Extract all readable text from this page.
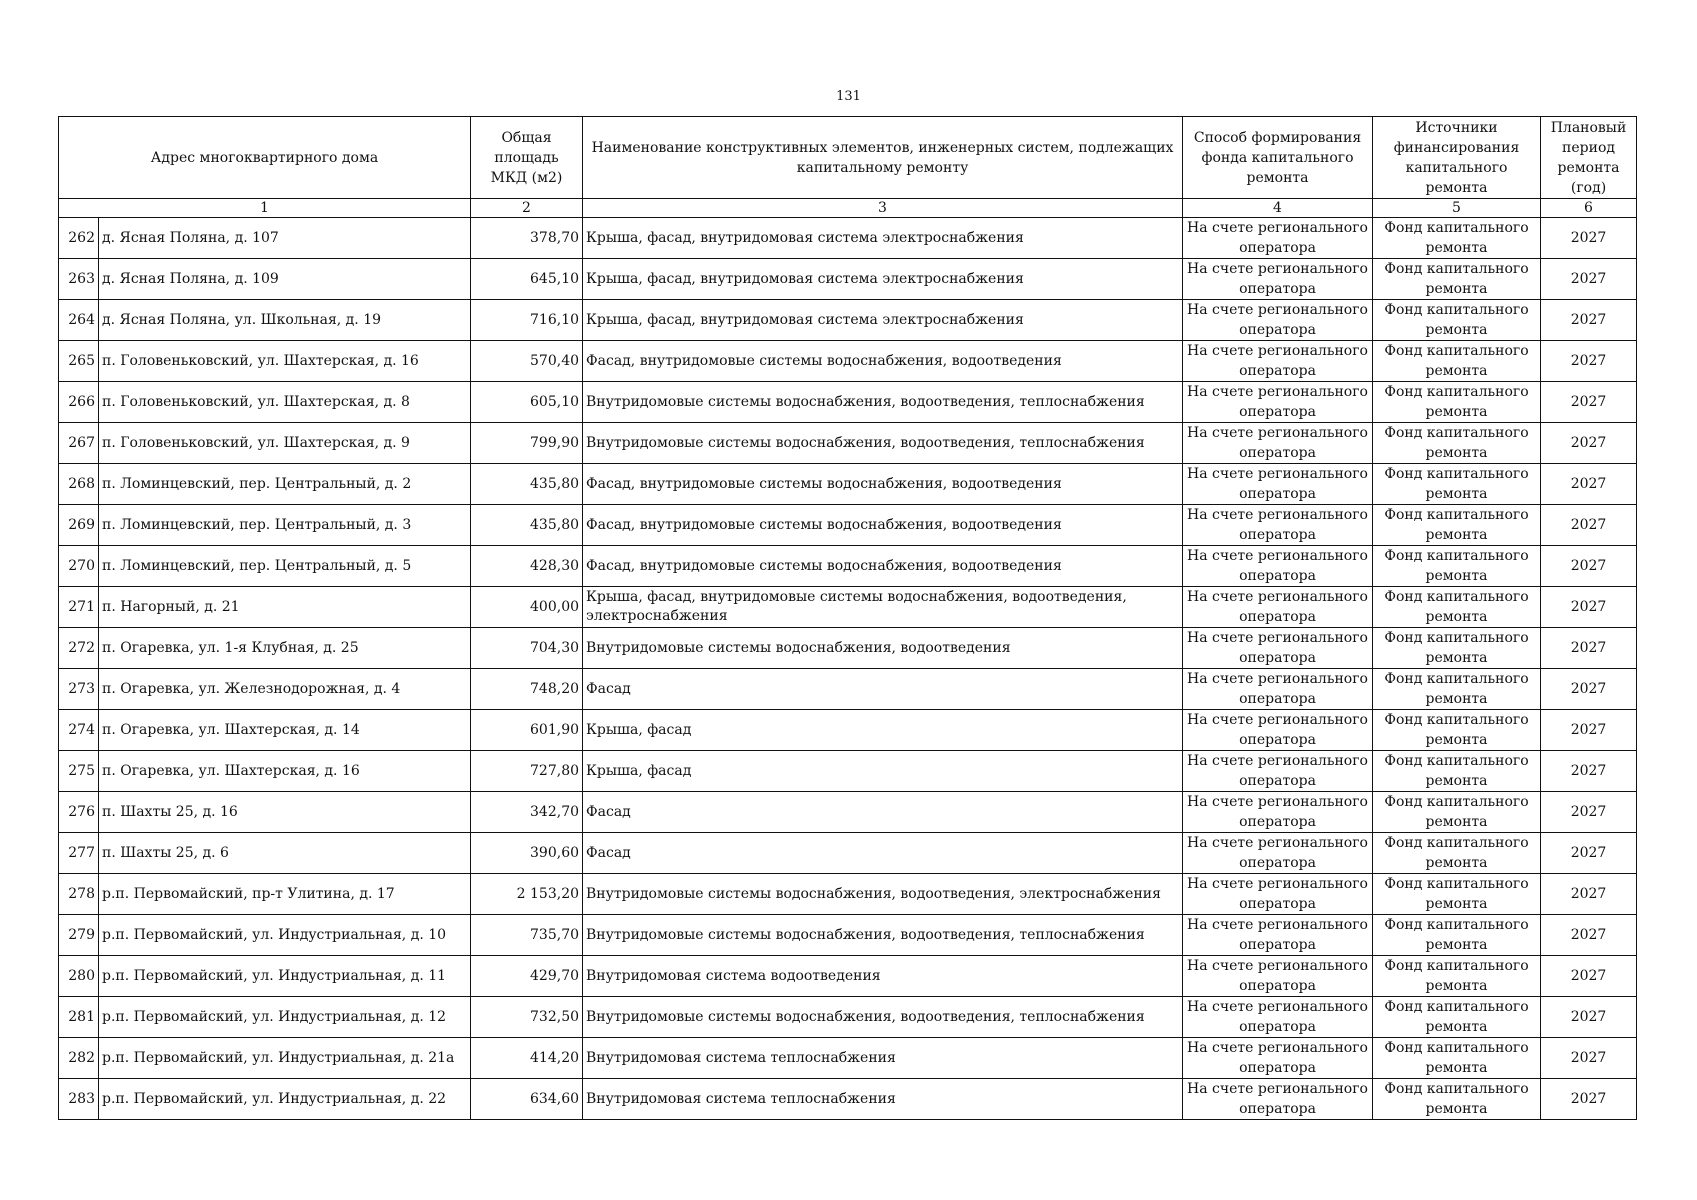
131
Адрес многоквартирного дома		Общая площадь МКД (м2)	Наименование конструктивных элементов, инженерных систем, подлежащих капитальному ремонту	Способ формирования фонда капитального ремонта	Источники финансирования капитального ремонта	Плановый период ремонта (год)
1		2	3	4	5	6
262	д. Ясная Поляна, д. 107	378,70	Крыша, фасад, внутридомовая система электроснабжения	На счете регионального оператора	Фонд капитального ремонта	2027
263	д. Ясная Поляна, д. 109	645,10	Крыша, фасад, внутридомовая система электроснабжения	На счете регионального оператора	Фонд капитального ремонта	2027
264	д. Ясная Поляна, ул. Школьная, д. 19	716,10	Крыша, фасад, внутридомовая система электроснабжения	На счете регионального оператора	Фонд капитального ремонта	2027
265	п. Головеньковский, ул. Шахтерская, д. 16	570,40	Фасад, внутридомовые системы водоснабжения, водоотведения	На счете регионального оператора	Фонд капитального ремонта	2027
266	п. Головеньковский, ул. Шахтерская, д. 8	605,10	Внутридомовые системы водоснабжения, водоотведения, теплоснабжения	На счете регионального оператора	Фонд капитального ремонта	2027
267	п. Головеньковский, ул. Шахтерская, д. 9	799,90	Внутридомовые системы водоснабжения, водоотведения, теплоснабжения	На счете регионального оператора	Фонд капитального ремонта	2027
268	п. Ломинцевский, пер. Центральный, д. 2	435,80	Фасад, внутридомовые системы водоснабжения, водоотведения	На счете регионального оператора	Фонд капитального ремонта	2027
269	п. Ломинцевский, пер. Центральный, д. 3	435,80	Фасад, внутридомовые системы водоснабжения, водоотведения	На счете регионального оператора	Фонд капитального ремонта	2027
270	п. Ломинцевский, пер. Центральный, д. 5	428,30	Фасад, внутридомовые системы водоснабжения, водоотведения	На счете регионального оператора	Фонд капитального ремонта	2027
271	п. Нагорный, д. 21	400,00	Крыша, фасад, внутридомовые системы водоснабжения, водоотведения, электроснабжения	На счете регионального оператора	Фонд капитального ремонта	2027
272	п. Огаревка, ул. 1-я Клубная, д. 25	704,30	Внутридомовые системы водоснабжения, водоотведения	На счете регионального оператора	Фонд капитального ремонта	2027
273	п. Огаревка, ул. Железнодорожная, д. 4	748,20	Фасад	На счете регионального оператора	Фонд капитального ремонта	2027
274	п. Огаревка, ул. Шахтерская, д. 14	601,90	Крыша, фасад	На счете регионального оператора	Фонд капитального ремонта	2027
275	п. Огаревка, ул. Шахтерская, д. 16	727,80	Крыша, фасад	На счете регионального оператора	Фонд капитального ремонта	2027
276	п. Шахты 25, д. 16	342,70	Фасад	На счете регионального оператора	Фонд капитального ремонта	2027
277	п. Шахты 25, д. 6	390,60	Фасад	На счете регионального оператора	Фонд капитального ремонта	2027
278	р.п. Первомайский, пр-т Улитина, д. 17	2 153,20	Внутридомовые системы водоснабжения, водоотведения, электроснабжения	На счете регионального оператора	Фонд капитального ремонта	2027
279	р.п. Первомайский, ул. Индустриальная, д. 10	735,70	Внутридомовые системы водоснабжения, водоотведения, теплоснабжения	На счете регионального оператора	Фонд капитального ремонта	2027
280	р.п. Первомайский, ул. Индустриальная, д. 11	429,70	Внутридомовая система водоотведения	На счете регионального оператора	Фонд капитального ремонта	2027
281	р.п. Первомайский, ул. Индустриальная, д. 12	732,50	Внутридомовые системы водоснабжения, водоотведения, теплоснабжения	На счете регионального оператора	Фонд капитального ремонта	2027
282	р.п. Первомайский, ул. Индустриальная, д. 21а	414,20	Внутридомовая система теплоснабжения	На счете регионального оператора	Фонд капитального ремонта	2027
283	р.п. Первомайский, ул. Индустриальная, д. 22	634,60	Внутридомовая система теплоснабжения	На счете регионального оператора	Фонд капитального ремонта	2027
